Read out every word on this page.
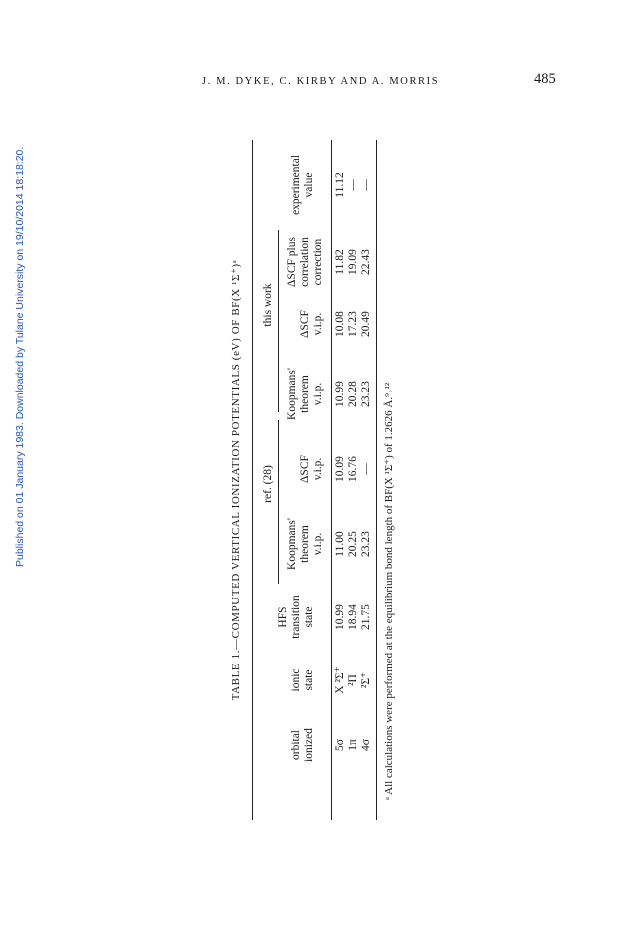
Published on 01 January 1983. Downloaded by Tulane University on 19/10/2014 18:18:20.
J. M. DYKE, C. KIRBY AND A. MORRIS	485
TABLE 1.—COMPUTED VERTICAL IONIZATION POTENTIALS (eV) OF BF(X ¹Σ⁺)ᵃ ref. (28)
this work
orbital ionized
ionic state
HFS transition state
Koopmans' theorem v.i.p.
ΔSCF v.i.p.
Koopmans' theorem v.i.p.
ΔSCF v.i.p.
ΔSCF plus correlation correction
experimental value
5σ
X ²Σ⁺
10.99
11.00
10.09
10.99
10.08
11.82
11.12
1π
²Π
18.94
20.25
16.76
20.28
17.23
19.09
—
4σ
²Σ⁺
21.75
23.23
—
23.23
20.49
22.43
—
ᵃ All calculations were performed at the equilibrium bond length of BF(X ¹Σ⁺) of 1.2626 Å.⁹˒¹²
